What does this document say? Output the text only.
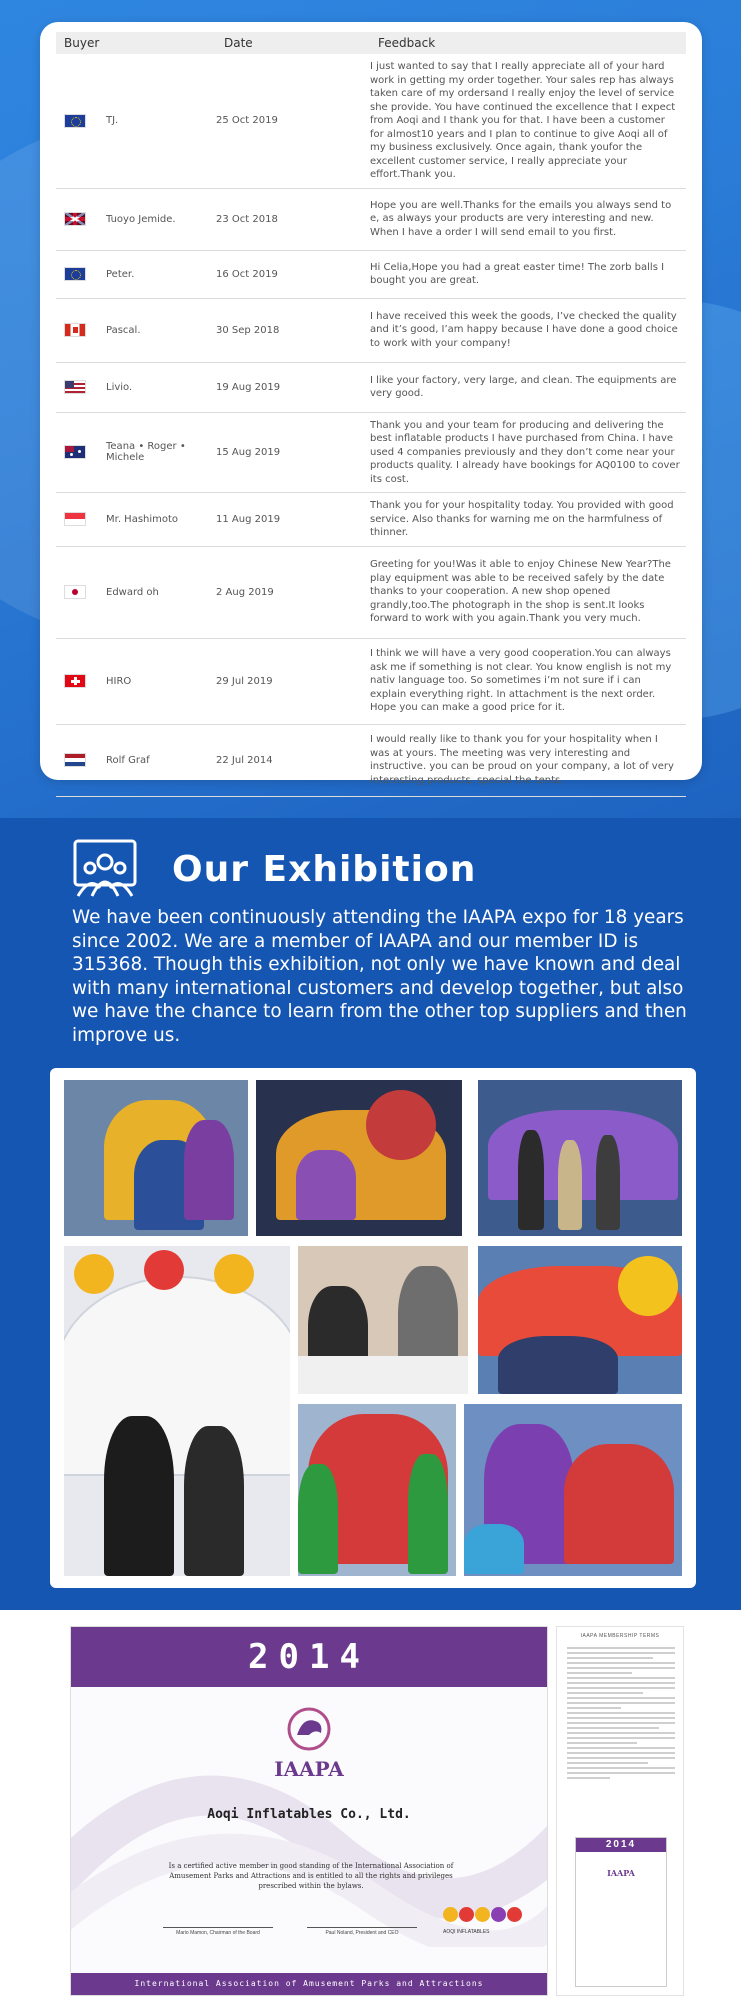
Buyer	Date	Feedback

TJ.	25 Oct 2019	I just wanted to say that I really appreciate all of your hard work in getting my order together. Your sales rep has always taken care of my ordersand I really enjoy the level of service she provide. You have continued the excellence that I expect from Aoqi and I thank you for that. I have been a customer for almost10 years and I plan to continue to give Aoqi all of my business exclusively. Once again, thank youfor the excellent customer service, I really appreciate your effort.Thank you.

Tuoyo Jemide.	23 Oct 2018	Hope you are well.Thanks for the emails you always send to e, as always your products are very interesting and new. When I have a order I will send email to you first.

Peter.	16 Oct 2019	Hi Celia,Hope you had a great easter time! The zorb balls I bought you are great.

Pascal.	30 Sep 2018	I have received this week the goods, I’ve checked the quality and it’s good, I’am happy because I have done a good choice to work with your company!

Livio.	19 Aug 2019	I like your factory, very large, and clean. The equipments are very good.

Teana • Roger • Michele	15 Aug 2019	Thank you and your team for producing and delivering the best inflatable products I have purchased from China. I have used 4 companies previously and they don’t come near your products quality. I already have bookings for AQ0100 to cover its cost.

Mr. Hashimoto	11 Aug 2019	Thank you for your hospitality today. You provided with good service. Also thanks for warning me on the harmfulness of thinner.

Edward oh	2 Aug 2019	Greeting for you!Was it able to enjoy Chinese New Year?The play equipment was able to be received safely by the date thanks to your cooperation. A new shop opened grandly,too.The photograph in the shop is sent.It looks forward to work with you again.Thank you very much.

HIRO	29 Jul 2019	I think we will have a very good cooperation.You can always ask me if something is not clear. You know english is not my nativ language too. So sometimes i’m not sure if i can explain everything right. In attachment is the next order. Hope you can make a good price for it.

Rolf Graf	22 Jul 2014	I would really like to thank you for your hospitality when I was at yours. The meeting was very interesting and instructive. you can be proud on your company, a lot of very interesting products, special the tents.
Our Exhibition

We have been continuously attending the IAAPA expo for 18 years since 2002. We are a member of IAAPA and our member ID is 315368. Though this exhibition, not only we have known and deal with many international customers and develop together, but also we have the chance to learn from the other top suppliers and then improve us.

2014
IAAPA
Aoqi Inflatables Co., Ltd.
Is a certified active member in good standing of the International Association of Amusement Parks and Attractions and is entitled to all the rights and privileges prescribed within the bylaws.
Mario Mamon, Chairman of the Board	Paul Noland, President and CEO	AOQI INFLATABLES
International Association of Amusement Parks and Attractions
IAAPA MEMBERSHIP TERMS
2014
IAAPA
